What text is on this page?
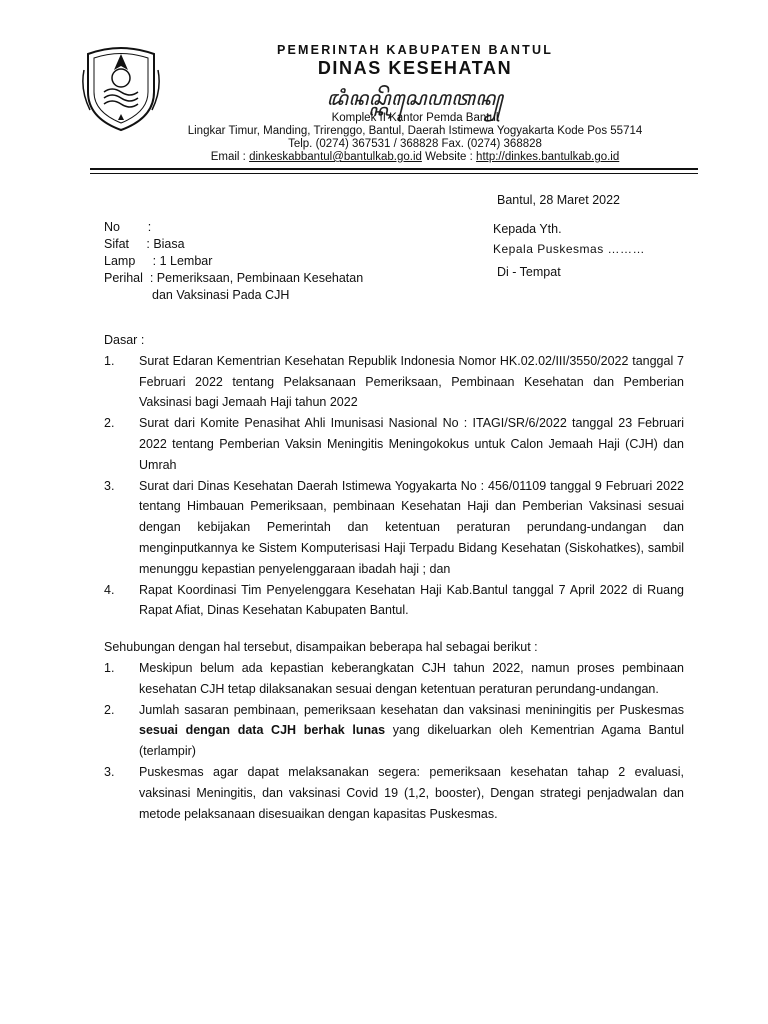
PEMERINTAH KABUPATEN BANTUL
DINAS KESEHATAN
ꦢꦶꦤꦱ꧀ꦏꦼꦱꦺꦲꦠꦤ꧀
Komplek II Kantor Pemda Bantul
Lingkar Timur, Manding, Trirenggo, Bantul, Daerah Istimewa Yogyakarta Kode Pos 55714
Telp. (0274) 367531 / 368828 Fax. (0274) 368828
Email : dinkeskabbantul@bantulkab.go.id Website : http://dinkes.bantulkab.go.id
Bantul, 28 Maret 2022
Kepada Yth.
Kepala Puskesmas ………
Di - Tempat
No        :
Sifat     : Biasa
Lamp     : 1 Lembar
Perihal  : Pemeriksaan, Pembinaan Kesehatan
dan Vaksinasi Pada CJH

Dasar :

1.	Surat Edaran Kementrian Kesehatan Republik Indonesia Nomor HK.02.02/III/3550/2022 tanggal 7 Februari 2022 tentang Pelaksanaan Pemeriksaan, Pembinaan Kesehatan dan Pemberian Vaksinasi bagi Jemaah Haji tahun 2022
2.	Surat dari Komite Penasihat Ahli Imunisasi Nasional No : ITAGI/SR/6/2022 tanggal 23 Februari 2022 tentang Pemberian Vaksin Meningitis Meningokokus untuk Calon Jemaah Haji (CJH) dan Umrah
3.	Surat dari Dinas Kesehatan Daerah Istimewa Yogyakarta No : 456/01109 tanggal 9 Februari 2022 tentang Himbauan Pemeriksaan, pembinaan Kesehatan Haji dan Pemberian Vaksinasi sesuai dengan kebijakan Pemerintah dan ketentuan peraturan perundang-undangan dan menginputkannya ke Sistem Komputerisasi Haji Terpadu Bidang Kesehatan (Siskohatkes), sambil menunggu kepastian penyelenggaraan ibadah haji ; dan
4.	Rapat Koordinasi Tim Penyelenggara Kesehatan Haji Kab.Bantul tanggal 7 April 2022 di Ruang Rapat Afiat, Dinas Kesehatan Kabupaten Bantul.

Sehubungan dengan hal tersebut, disampaikan beberapa hal sebagai berikut :

1.	Meskipun belum ada kepastian keberangkatan CJH tahun 2022, namun proses pembinaan kesehatan CJH tetap dilaksanakan sesuai dengan ketentuan peraturan perundang-undangan.
2.	Jumlah sasaran pembinaan, pemeriksaan kesehatan dan vaksinasi meniningitis per Puskesmas sesuai dengan data CJH berhak lunas yang dikeluarkan oleh Kementrian Agama Bantul (terlampir)
3.	Puskesmas agar dapat melaksanakan segera: pemeriksaan kesehatan tahap 2 evaluasi, vaksinasi Meningitis, dan vaksinasi Covid 19 (1,2, booster), Dengan strategi penjadwalan dan metode pelaksanaan disesuaikan dengan kapasitas Puskesmas.
